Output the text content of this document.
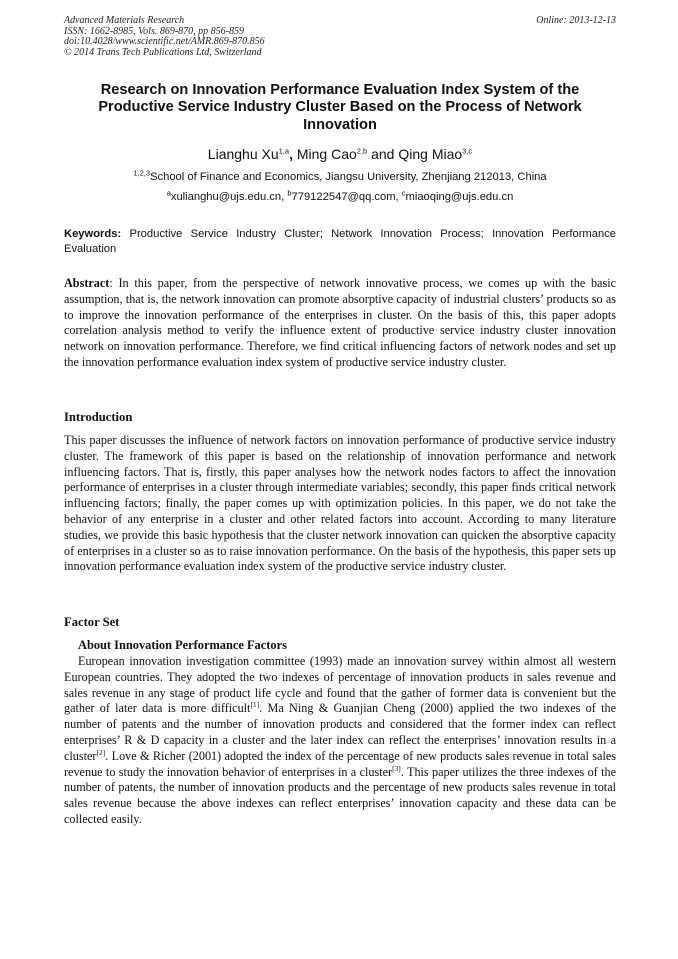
Advanced Materials Research
ISSN: 1662-8985, Vols. 869-870, pp 856-859
doi:10.4028/www.scientific.net/AMR.869-870.856
© 2014 Trans Tech Publications Ltd, Switzerland
Online: 2013-12-13
Research on Innovation Performance Evaluation Index System of the Productive Service Industry Cluster Based on the Process of Network Innovation
Lianghu Xu$^{1,a}$, Ming Cao$^{2,b}$ and Qing Miao$^{3,c}$
$^{1,2,3}$School of Finance and Economics, Jiangsu University, Zhenjiang 212013, China
$^a$xulianghu@ujs.edu.cn, $^b$779122547@qq.com, $^c$miaoqing@ujs.edu.cn
Keywords: Productive Service Industry Cluster; Network Innovation Process; Innovation Performance Evaluation
Abstract: In this paper, from the perspective of network innovative process, we comes up with the basic assumption, that is, the network innovation can promote absorptive capacity of industrial clusters’ products so as to improve the innovation performance of the enterprises in cluster. On the basis of this, this paper adopts correlation analysis method to verify the influence extent of productive service industry cluster innovation network on innovation performance. Therefore, we find critical influencing factors of network nodes and set up the innovation performance evaluation index system of productive service industry cluster.
Introduction
This paper discusses the influence of network factors on innovation performance of productive service industry cluster. The framework of this paper is based on the relationship of innovation performance and network influencing factors. That is, firstly, this paper analyses how the network nodes factors to affect the innovation performance of enterprises in a cluster through intermediate variables; secondly, this paper finds critical network influencing factors; finally, the paper comes up with optimization policies. In this paper, we do not take the behavior of any enterprise in a cluster and other related factors into account. According to many literature studies, we provide this basic hypothesis that the cluster network innovation can quicken the absorptive capacity of enterprises in a cluster so as to raise innovation performance. On the basis of the hypothesis, this paper sets up innovation performance evaluation index system of the productive service industry cluster.
Factor Set
About Innovation Performance Factors
European innovation investigation committee (1993) made an innovation survey within almost all western European countries. They adopted the two indexes of percentage of innovation products in sales revenue and sales revenue in any stage of product life cycle and found that the gather of former data is convenient but the gather of later data is more difficult[1]. Ma Ning & Guanjian Cheng (2000) applied the two indexes of the number of patents and the number of innovation products and considered that the former index can reflect enterprises’ R & D capacity in a cluster and the later index can reflect the enterprises’ innovation results in a cluster[2]. Love & Richer (2001) adopted the index of the percentage of new products sales revenue in total sales revenue to study the innovation behavior of enterprises in a cluster[3]. This paper utilizes the three indexes of the number of patents, the number of innovation products and the percentage of new products sales revenue in total sales revenue because the above indexes can reflect enterprises’ innovation capacity and these data can be collected easily.
